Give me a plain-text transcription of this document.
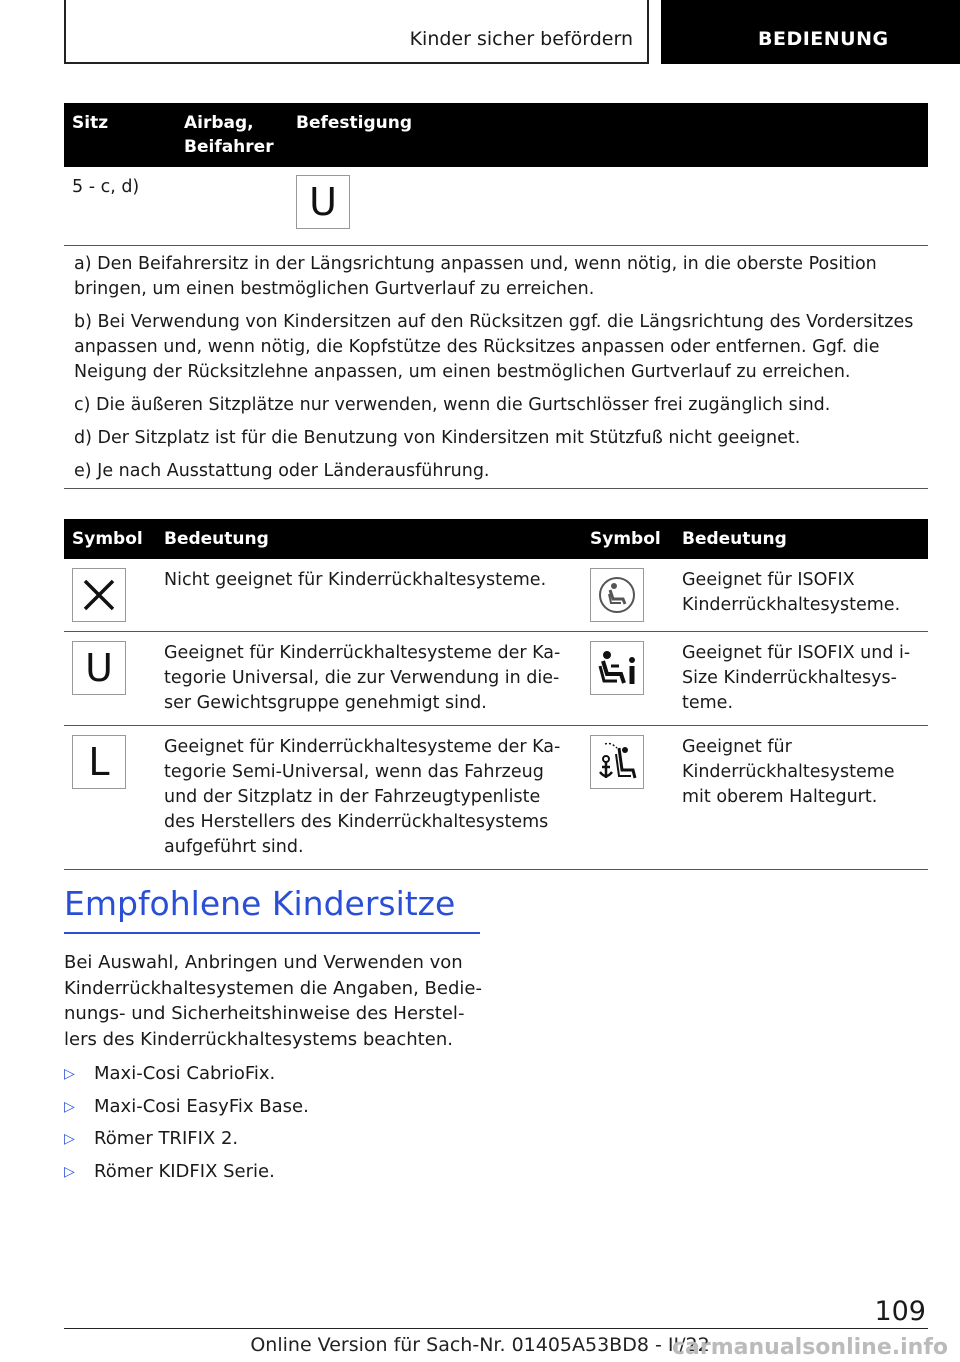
Kinder sicher befördern	BEDIENUNG
Sitz	Airbag, Beifahrer	Befestigung
5 - c, d)		U

a) Den Beifahrersitz in der Längsrichtung anpassen und, wenn nötig, in die oberste Position bringen, um einen bestmöglichen Gurtverlauf zu erreichen.

b) Bei Verwendung von Kindersitzen auf den Rücksitzen ggf. die Längsrichtung des Vordersitzes anpassen und, wenn nötig, die Kopfstütze des Rücksitzes anpassen oder entfernen. Ggf. die Neigung der Rücksitzlehne anpassen, um einen bestmöglichen Gurtverlauf zu erreichen.

c) Die äußeren Sitzplätze nur verwenden, wenn die Gurtschlösser frei zugänglich sind.

d) Der Sitzplatz ist für die Benutzung von Kindersitzen mit Stützfuß nicht geeignet.

e) Je nach Ausstattung oder Länderausführung.

Symbol	Bedeutung	Symbol	Bedeutung

	Nicht geeignet für Kinderrückhaltesysteme.		Geeignet für ISOFIX Kinderrückhaltesysteme.

U	Geeignet für Kinderrückhaltesysteme der Kategorie Universal, die zur Verwendung in dieser Gewichtsgruppe genehmigt sind.		Geeignet für ISOFIX und i-Size Kinderrückhaltesysteme.

L	Geeignet für Kinderrückhaltesysteme der Kategorie Semi-Universal, wenn das Fahrzeug und der Sitzplatz in der Fahrzeugtypenliste des Herstellers des Kinderrückhaltesystems aufgeführt sind.		Geeignet für Kinderrückhaltesysteme mit oberem Haltegurt.
Empfohlene Kindersitze
Bei Auswahl, Anbringen und Verwenden von Kinderrückhaltesystemen die Angaben, Bedienungs- und Sicherheitshinweise des Herstellers des Kinderrückhaltesystems beachten.
▷ Maxi-Cosi CabrioFix.
▷ Maxi-Cosi EasyFix Base.
▷ Römer TRIFIX 2.
▷ Römer KIDFIX Serie.
109
Online Version für Sach-Nr. 01405A53BD8 - II/22
carmanualsonline.info
